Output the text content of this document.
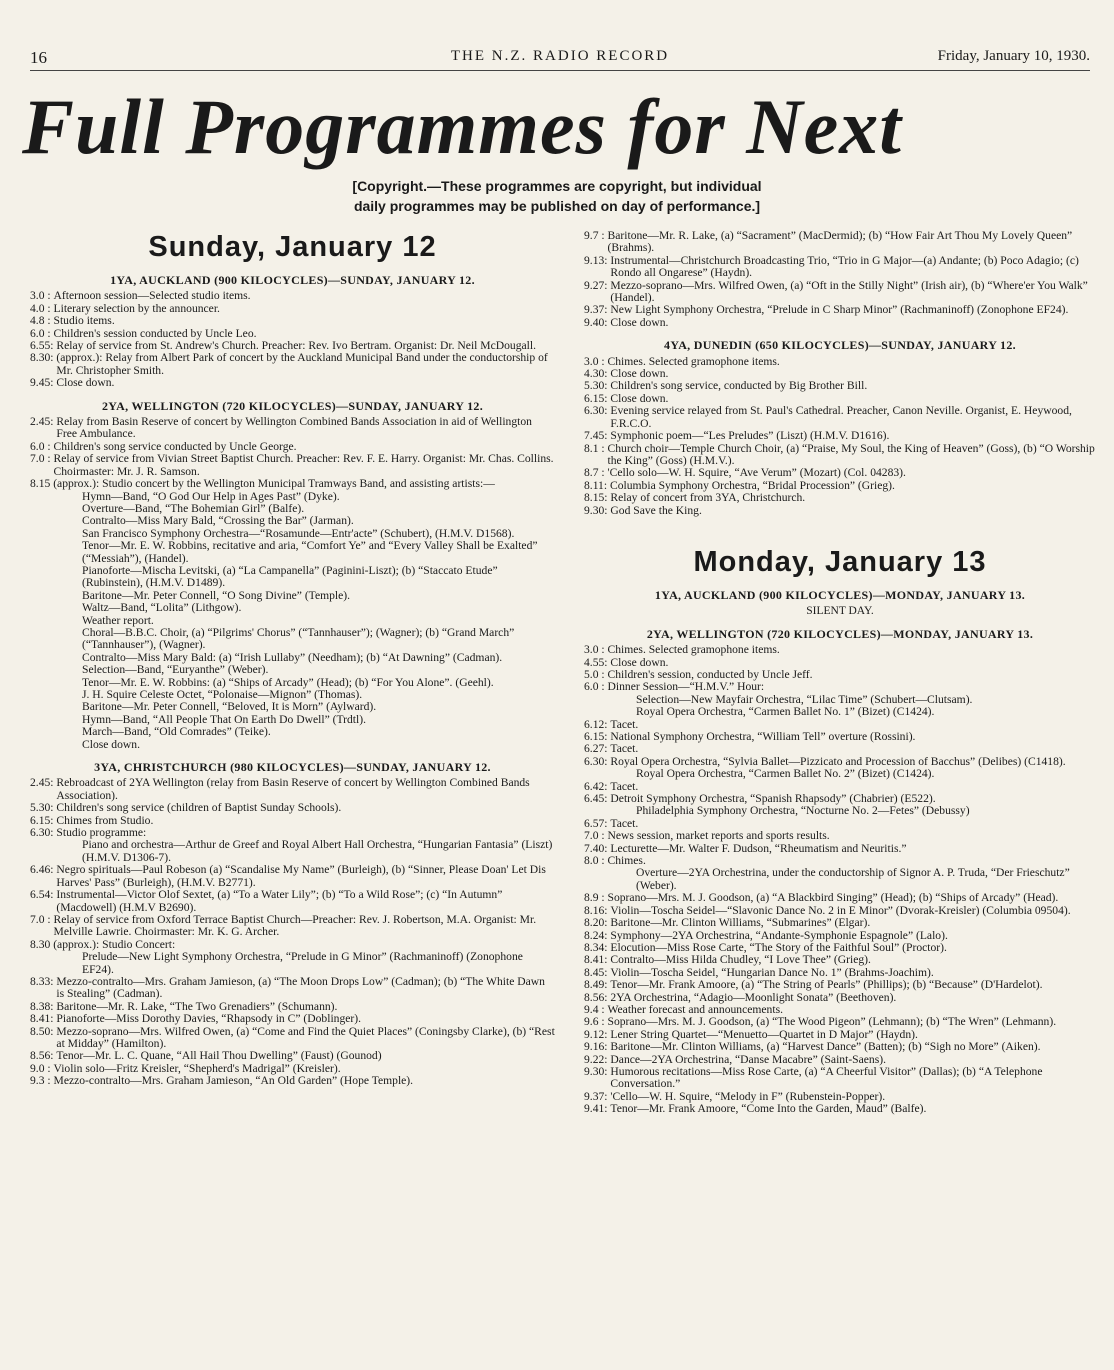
16	THE N.Z. RADIO RECORD	Friday, January 10, 1930.
Full Programmes for Next
[Copyright.—These programmes are copyright, but individual
daily programmes may be published on day of performance.]
Sunday, January 12
1YA, AUCKLAND (900 KILOCYCLES)—SUNDAY, JANUARY 12.
3.0 : Afternoon session—Selected studio items.
4.0 : Literary selection by the announcer.
4.8 : Studio items.
6.0 : Children's session conducted by Uncle Leo.
6.55: Relay of service from St. Andrew's Church. Preacher: Rev. Ivo Bertram. Organist: Dr. Neil McDougall.
8.30: (approx.): Relay from Albert Park of concert by the Auckland Municipal Band under the conductorship of Mr. Christopher Smith.
9.45: Close down.
2YA, WELLINGTON (720 KILOCYCLES)—SUNDAY, JANUARY 12.
2.45: Relay from Basin Reserve of concert by Wellington Combined Bands Association in aid of Wellington Free Ambulance.
6.0 : Children's song service conducted by Uncle George.
7.0 : Relay of service from Vivian Street Baptist Church. Preacher: Rev. F. E. Harry. Organist: Mr. Chas. Collins. Choirmaster: Mr. J. R. Samson.
8.15 (approx.): Studio concert by the Wellington Municipal Tramways Band, and assisting artists:—
Hymn—Band, “O God Our Help in Ages Past” (Dyke).
Overture—Band, “The Bohemian Girl” (Balfe).
Contralto—Miss Mary Bald, “Crossing the Bar” (Jarman).
San Francisco Symphony Orchestra—“Rosamunde—Entr'acte” (Schubert), (H.M.V. D1568).
Tenor—Mr. E. W. Robbins, recitative and aria, “Comfort Ye” and “Every Valley Shall be Exalted” (“Messiah”), (Handel).
Pianoforte—Mischa Levitski, (a) “La Campanella” (Paginini-Liszt); (b) “Staccato Etude” (Rubinstein), (H.M.V. D1489).
Baritone—Mr. Peter Connell, “O Song Divine” (Temple).
Waltz—Band, “Lolita” (Lithgow).
Weather report.
Choral—B.B.C. Choir, (a) “Pilgrims' Chorus” (“Tannhauser”); (Wagner); (b) “Grand March” (“Tannhauser”), (Wagner).
Contralto—Miss Mary Bald: (a) “Irish Lullaby” (Needham); (b) “At Dawning” (Cadman).
Selection—Band, “Euryanthe” (Weber).
Tenor—Mr. E. W. Robbins: (a) “Ships of Arcady” (Head); (b) “For You Alone”. (Geehl).
J. H. Squire Celeste Octet, “Polonaise—Mignon” (Thomas).
Baritone—Mr. Peter Connell, “Beloved, It is Morn” (Aylward).
Hymn—Band, “All People That On Earth Do Dwell” (Trdtl).
March—Band, “Old Comrades” (Teike).
Close down.
3YA, CHRISTCHURCH (980 KILOCYCLES)—SUNDAY, JANUARY 12.
2.45: Rebroadcast of 2YA Wellington (relay from Basin Reserve of concert by Wellington Combined Bands Association).
5.30: Children's song service (children of Baptist Sunday Schools).
6.15: Chimes from Studio.
6.30: Studio programme:
Piano and orchestra—Arthur de Greef and Royal Albert Hall Orchestra, “Hungarian Fantasia” (Liszt) (H.M.V. D1306-7).
6.46: Negro spirituals—Paul Robeson (a) “Scandalise My Name” (Burleigh), (b) “Sinner, Please Doan' Let Dis Harves' Pass” (Burleigh), (H.M.V. B2771).
6.54: Instrumental—Victor Olof Sextet, (a) “To a Water Lily”; (b) “To a Wild Rose”; (c) “In Autumn” (Macdowell) (H.M.V B2690).
7.0 : Relay of service from Oxford Terrace Baptist Church—Preacher: Rev. J. Robertson, M.A. Organist: Mr. Melville Lawrie. Choirmaster: Mr. K. G. Archer.
8.30 (approx.): Studio Concert:
Prelude—New Light Symphony Orchestra, “Prelude in G Minor” (Rachmaninoff) (Zonophone EF24).
8.33: Mezzo-contralto—Mrs. Graham Jamieson, (a) “The Moon Drops Low” (Cadman); (b) “The White Dawn is Stealing” (Cadman).
8.38: Baritone—Mr. R. Lake, “The Two Grenadiers” (Schumann).
8.41: Pianoforte—Miss Dorothy Davies, “Rhapsody in C” (Doblinger).
8.50: Mezzo-soprano—Mrs. Wilfred Owen, (a) “Come and Find the Quiet Places” (Coningsby Clarke), (b) “Rest at Midday” (Hamilton).
8.56: Tenor—Mr. L. C. Quane, “All Hail Thou Dwelling” (Faust) (Gounod)
9.0 : Violin solo—Fritz Kreisler, “Shepherd's Madrigal” (Kreisler).
9.3 : Mezzo-contralto—Mrs. Graham Jamieson, “An Old Garden” (Hope Temple).
9.7 : Baritone—Mr. R. Lake, (a) “Sacrament” (MacDermid); (b) “How Fair Art Thou My Lovely Queen” (Brahms).
9.13: Instrumental—Christchurch Broadcasting Trio, “Trio in G Major—(a) Andante; (b) Poco Adagio; (c) Rondo all Ongarese” (Haydn).
9.27: Mezzo-soprano—Mrs. Wilfred Owen, (a) “Oft in the Stilly Night” (Irish air), (b) “Where'er You Walk” (Handel).
9.37: New Light Symphony Orchestra, “Prelude in C Sharp Minor” (Rachmaninoff) (Zonophone EF24).
9.40: Close down.
4YA, DUNEDIN (650 KILOCYCLES)—SUNDAY, JANUARY 12.
3.0 : Chimes. Selected gramophone items.
4.30: Close down.
5.30: Children's song service, conducted by Big Brother Bill.
6.15: Close down.
6.30: Evening service relayed from St. Paul's Cathedral. Preacher, Canon Neville. Organist, E. Heywood, F.R.C.O.
7.45: Symphonic poem—“Les Preludes” (Liszt) (H.M.V. D1616).
8.1 : Church choir—Temple Church Choir, (a) “Praise, My Soul, the King of Heaven” (Goss), (b) “O Worship the King” (Goss) (H.M.V.).
8.7 : 'Cello solo—W. H. Squire, “Ave Verum” (Mozart) (Col. 04283).
8.11: Columbia Symphony Orchestra, “Bridal Procession” (Grieg).
8.15: Relay of concert from 3YA, Christchurch.
9.30: God Save the King.
Monday, January 13
1YA, AUCKLAND (900 KILOCYCLES)—MONDAY, JANUARY 13.
SILENT DAY.
2YA, WELLINGTON (720 KILOCYCLES)—MONDAY, JANUARY 13.
3.0 : Chimes. Selected gramophone items.
4.55: Close down.
5.0 : Children's session, conducted by Uncle Jeff.
6.0 : Dinner Session—“H.M.V.” Hour:
Selection—New Mayfair Orchestra, “Lilac Time” (Schubert—Clutsam).
Royal Opera Orchestra, “Carmen Ballet No. 1” (Bizet) (C1424).
6.12: Tacet.
6.15: National Symphony Orchestra, “William Tell” overture (Rossini).
6.27: Tacet.
6.30: Royal Opera Orchestra, “Sylvia Ballet—Pizzicato and Procession of Bacchus” (Delibes) (C1418).
Royal Opera Orchestra, “Carmen Ballet No. 2” (Bizet) (C1424).
6.42: Tacet.
6.45: Detroit Symphony Orchestra, “Spanish Rhapsody” (Chabrier) (E522).
Philadelphia Symphony Orchestra, “Nocturne No. 2—Fetes” (Debussy)
6.57: Tacet.
7.0 : News session, market reports and sports results.
7.40: Lecturette—Mr. Walter F. Dudson, “Rheumatism and Neuritis.”
8.0 : Chimes.
Overture—2YA Orchestrina, under the conductorship of Signor A. P. Truda, “Der Frieschutz” (Weber).
8.9 : Soprano—Mrs. M. J. Goodson, (a) “A Blackbird Singing” (Head); (b) “Ships of Arcady” (Head).
8.16: Violin—Toscha Seidel—“Slavonic Dance No. 2 in E Minor” (Dvorak-Kreisler) (Columbia 09504).
8.20: Baritone—Mr. Clinton Williams, “Submarines” (Elgar).
8.24: Symphony—2YA Orchestrina, “Andante-Symphonie Espagnole” (Lalo).
8.34: Elocution—Miss Rose Carte, “The Story of the Faithful Soul” (Proctor).
8.41: Contralto—Miss Hilda Chudley, “I Love Thee” (Grieg).
8.45: Violin—Toscha Seidel, “Hungarian Dance No. 1” (Brahms-Joachim).
8.49: Tenor—Mr. Frank Amoore, (a) “The String of Pearls” (Phillips); (b) “Because” (D'Hardelot).
8.56: 2YA Orchestrina, “Adagio—Moonlight Sonata” (Beethoven).
9.4 : Weather forecast and announcements.
9.6 : Soprano—Mrs. M. J. Goodson, (a) “The Wood Pigeon” (Lehmann); (b) “The Wren” (Lehmann).
9.12: Lener String Quartet—“Menuetto—Quartet in D Major” (Haydn).
9.16: Baritone—Mr. Clinton Williams, (a) “Harvest Dance” (Batten); (b) “Sigh no More” (Aiken).
9.22: Dance—2YA Orchestrina, “Danse Macabre” (Saint-Saens).
9.30: Humorous recitations—Miss Rose Carte, (a) “A Cheerful Visitor” (Dallas); (b) “A Telephone Conversation.”
9.37: 'Cello—W. H. Squire, “Melody in F” (Rubenstein-Popper).
9.41: Tenor—Mr. Frank Amoore, “Come Into the Garden, Maud” (Balfe).
